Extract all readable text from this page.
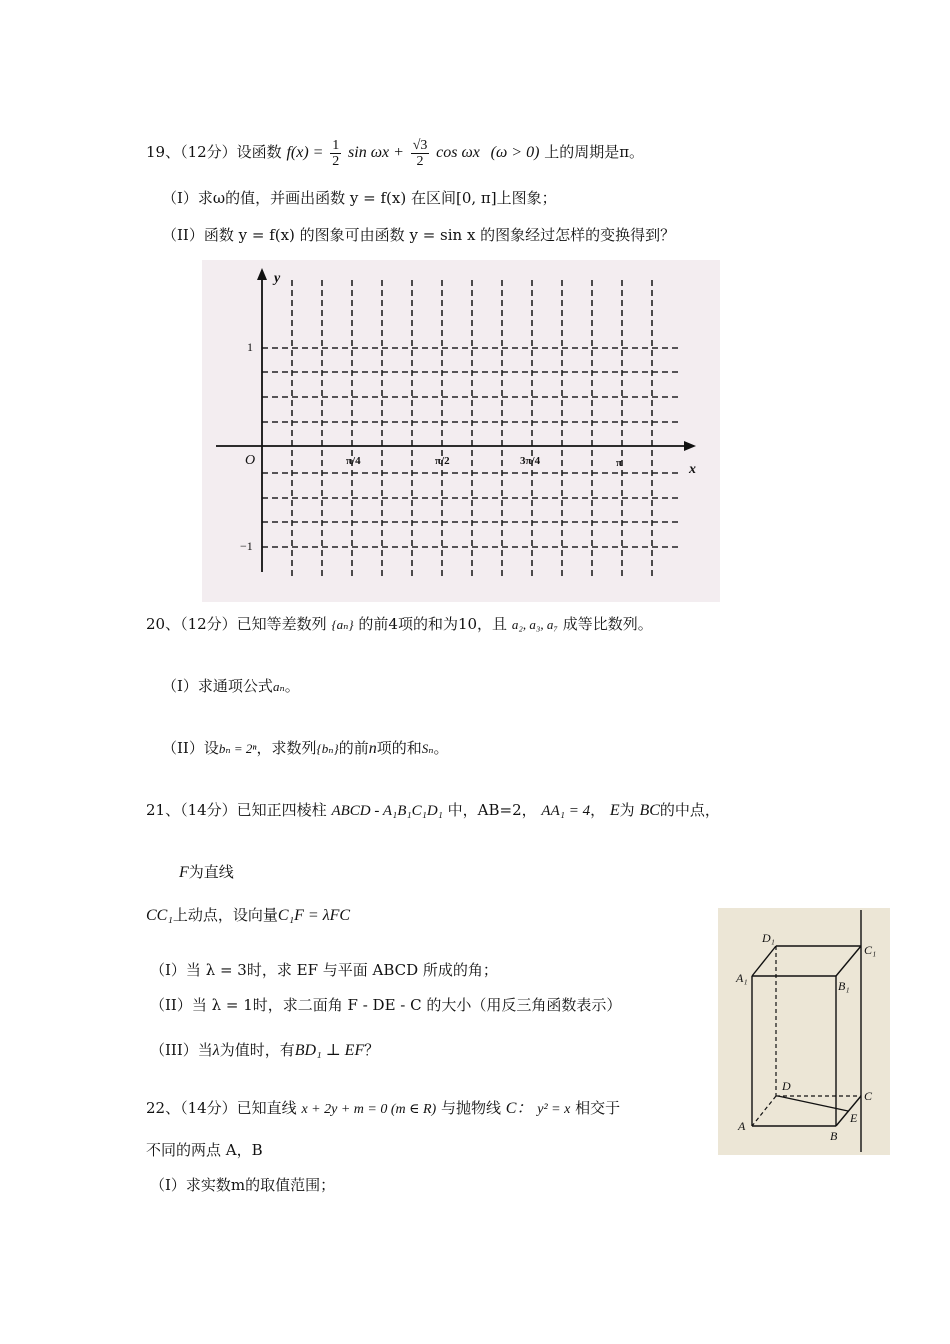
19、（12分）设函数 $f(x) = \frac{1}{2}$ $\sin \omega x + \frac{√3}{2}$ cos ωx (ω > 0) 上的周期是π。
（I）求ω的值，并画出函数 y = f(x) 在区间[0, π]上图象；
（II）函数 y = f(x) 的图象可由函数 y = sin x 的图象经过怎样的变换得到？
y
x
O
1
−1
π/4	π/2	3π/4	π
20、（12分）已知等差数列 {aₙ} 的前4项的和为10，且 a₂, a₃, a₇ 成等比数列。
（I）求通项公式aₙ。
（II）设bₙ = 2ⁿ，求数列{bₙ}的前n项的和Sₙ。
21、（14分）已知正四棱柱 ABCD - A₁B₁C₁D₁ 中，AB=2， AA₁ = 4， E为 BC的中点，
F为直线
CC₁上动点，设向量C₁F = λFC
（I）当 λ = 3时，求 EF 与平面 ABCD 所成的角；
（II）当 λ = 1时，求二面角 F - DE - C 的大小（用反三角函数表示）
（III）当λ为值时，有BD₁ ⊥ EF？
D₁
C₁
A₁
B₁
D
C
A
B
E
22、（14分）已知直线 x + 2y + m = 0 (m ∈ R) 与抛物线 C： y² = x 相交于
不同的两点 A，B
（I）求实数m的取值范围；
